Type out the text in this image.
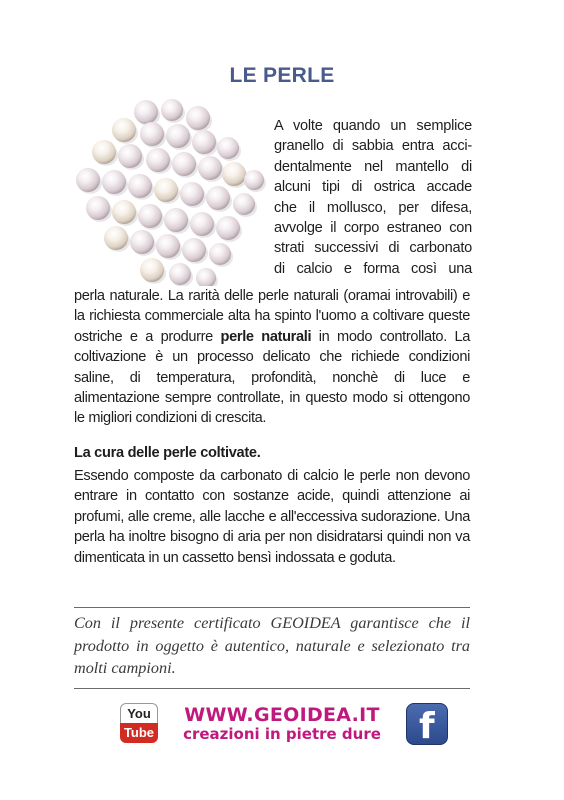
LE PERLE
A volte quando un semplice
granello di sabbia entra acci-
dentalmente nel mantello di
alcuni tipi di ostrica accade
che il mollusco, per difesa,
avvolge il corpo estraneo con
strati successivi di carbonato
di calcio e forma così una

perla naturale. La rarità delle perle naturali (oramai introvabili) e la richiesta commerciale alta ha spinto l'uomo a coltivare queste ostriche e a produrre perle naturali in modo controllato. La coltivazione è un processo delicato che richiede condizioni saline, di temperatura, profondità, nonchè di luce e alimentazione sempre controllate, in questo modo si ottengono le migliori condizioni di crescita.

La cura delle perle coltivate.

Essendo composte da carbonato di calcio le perle non devono entrare in contatto con sostanze acide, quindi attenzione ai profumi, alle creme, alle lacche e all'eccessiva sudorazione. Una perla ha inoltre bisogno di aria per non disidratarsi quindi non va dimenticata in un cassetto bensì indossata e goduta.

Con il presente certificato GEOIDEA garantisce che il prodotto in oggetto è autentico, naturale e selezionato tra molti campioni.

You
Tube
WWW.GEOIDEA.IT
creazioni in pietre dure	f
